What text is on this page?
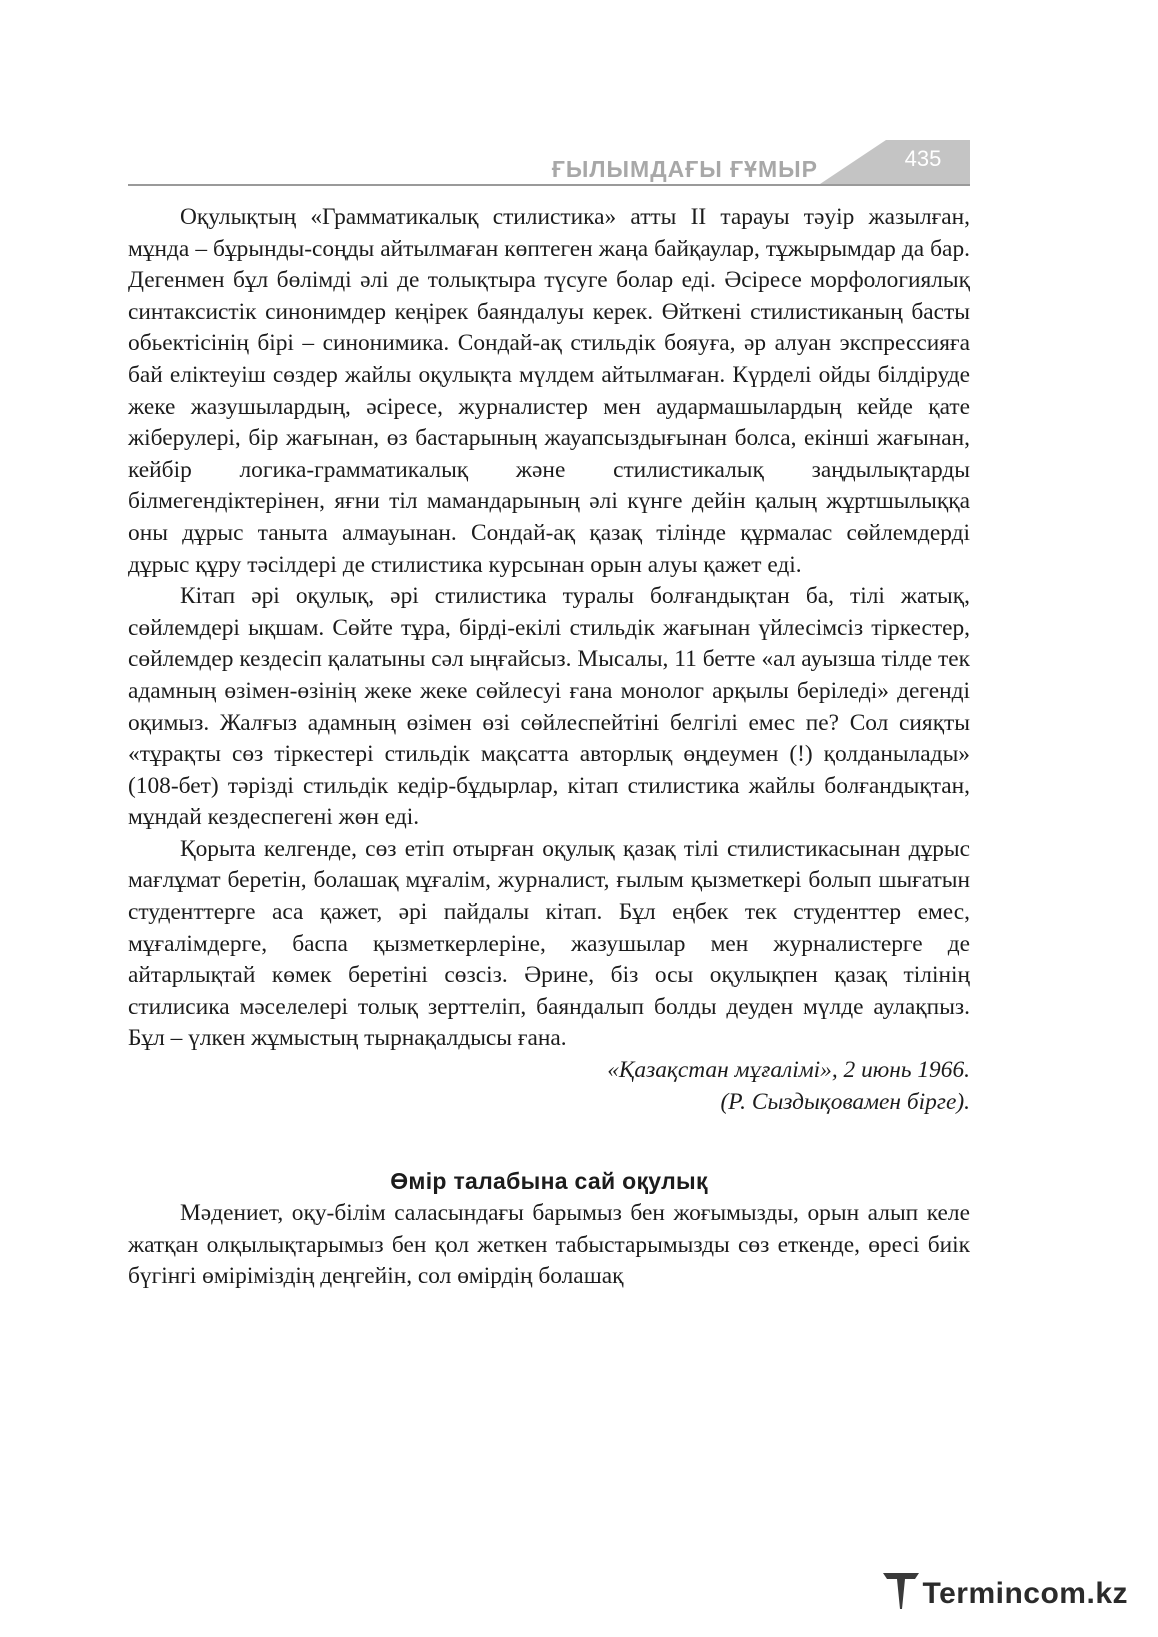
ҒЫЛЫМДАҒЫ ҒҰМЫР	435

Оқулықтың «Грамматикалық стилистика» атты ІІ тарауы тәуір жазылған, мұнда – бұрынды-соңды айтылмаған көптеген жаңа байқаулар, тұжырымдар да бар. Дегенмен бұл бөлімді әлі де толықтыра түсуге болар еді. Әсіресе морфологиялық синтаксистік синонимдер кеңірек баяндалуы керек. Өйткені стилистиканың басты обьектісінің бірі – синонимика. Сондай-ақ стильдік бояуға, әр алуан экспрессияға бай еліктеуіш сөздер жайлы оқулықта мүлдем айтылмаған. Күрделі ойды білдіруде жеке жазушылардың, әсіресе, журналистер мен аудармашылардың кейде қате жіберулері, бір жағынан, өз бастарының жауапсыздығынан болса, екінші жағынан, кейбір логика-грамматикалық және стилистикалық заңдылықтарды білмегендіктерінен, яғни тіл мамандарының әлі күнге дейін қалың жұртшылыққа оны дұрыс таныта алмауынан. Сондай-ақ қазақ тілінде құрмалас сөйлемдерді дұрыс құру тәсілдері де стилистика курсынан орын алуы қажет еді.

Кітап әрі оқулық, әрі стилистика туралы болғандықтан ба, тілі жатық, сөйлемдері ықшам. Сөйте тұра, бірді-екілі стильдік жағынан үйлесімсіз тіркестер, сөйлемдер кездесіп қалатыны сәл ыңғайсыз. Мысалы, 11 бетте «ал ауызша тілде тек адамның өзімен-өзінің жеке жеке сөйлесуі ғана монолог арқылы беріледі» дегенді оқимыз. Жалғыз адамның өзімен өзі сөйлеспейтіні белгілі емес пе? Сол сияқты «тұрақты сөз тіркестері стильдік мақсатта авторлық өңдеумен (!) қолданылады» (108-бет) тәрізді стильдік кедір-бұдырлар, кітап стилистика жайлы болғандықтан, мұндай кездеспегені жөн еді.

Қорыта келгенде, сөз етіп отырған оқулық қазақ тілі стилистикасынан дұрыс мағлұмат беретін, болашақ мұғалім, журналист, ғылым қызметкері болып шығатын студенттерге аса қажет, әрі пайдалы кітап. Бұл еңбек тек студенттер емес, мұғалімдерге, баспа қызметкерлеріне, жазушылар мен журналистерге де айтарлықтай көмек беретіні сөзсіз. Әрине, біз осы оқулықпен қазақ тілінің стилисика мәселелері толық зерттеліп, баяндалып болды деуден мүлде аулақпыз. Бұл – үлкен жұмыстың тырнақалдысы ғана.

«Қазақстан мұғалімі», 2 июнь 1966.
(Р. Сыздықовамен бірге).
Өмір талабына сай оқулық

Мәдениет, оқу-білім саласындағы барымыз бен жоғымызды, орын алып келе жатқан олқылықтарымыз бен қол жеткен табыстарымызды сөз еткенде, өресі биік бүгінгі өміріміздің деңгейін, сол өмірдің болашақ

Termincom.kz
